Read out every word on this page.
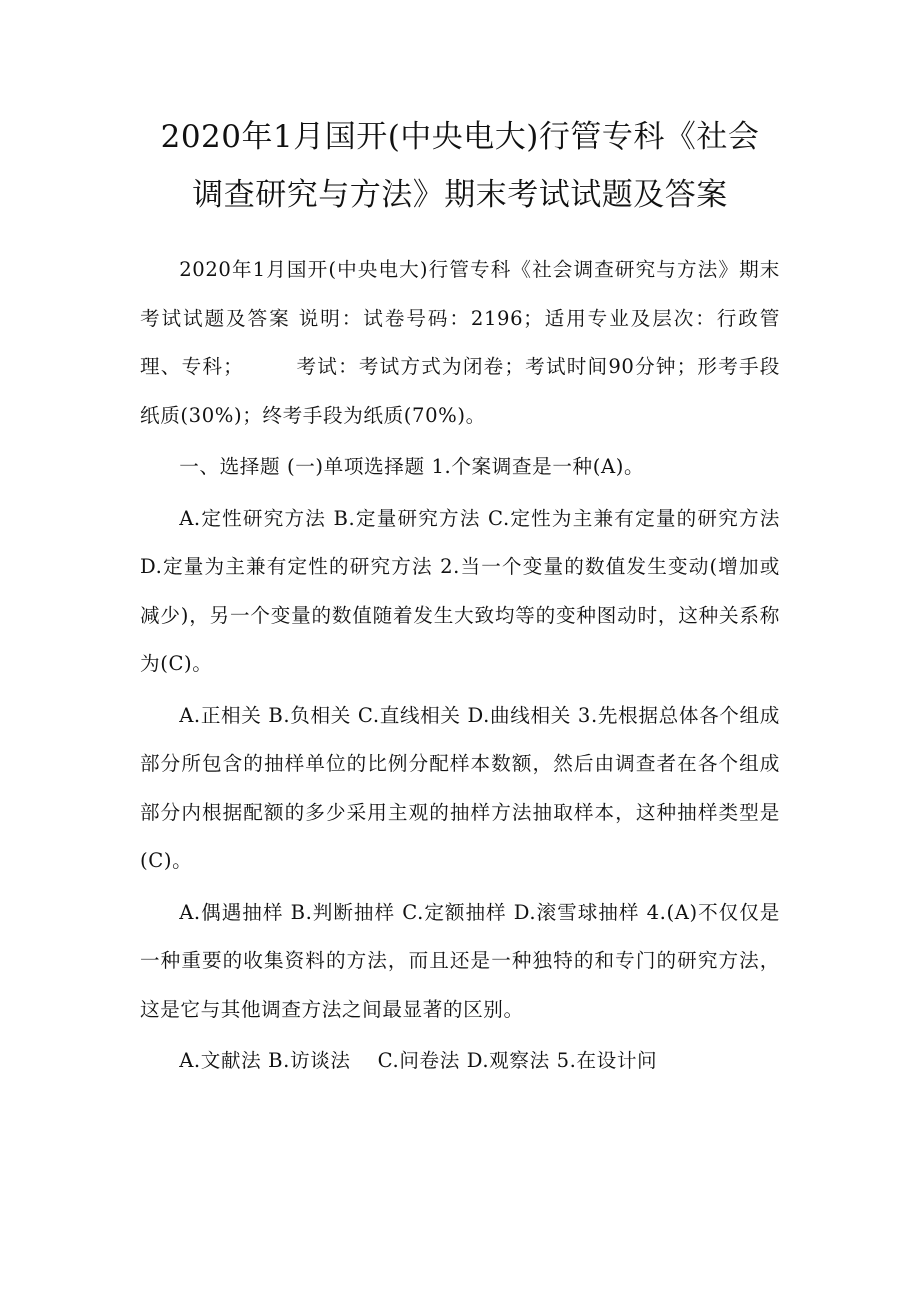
2020年1月国开(中央电大)行管专科《社会
调查研究与方法》期末考试试题及答案

2020年1月国开(中央电大)行管专科《社会调查研究与方法》期末考试试题及答案 说明：试卷号码：2196；适用专业及层次：行政管理、专科；　　　考试：考试方式为闭卷；考试时间90分钟；形考手段纸质(30%)；终考手段为纸质(70%)。

一、选择题 (一)单项选择题 1.个案调查是一种(A)。

A.定性研究方法 B.定量研究方法 C.定性为主兼有定量的研究方法 D.定量为主兼有定性的研究方法 2.当一个变量的数值发生变动(增加或减少)，另一个变量的数值随着发生大致均等的变种图动时，这种关系称为(C)。

A.正相关 B.负相关 C.直线相关 D.曲线相关 3.先根据总体各个组成部分所包含的抽样单位的比例分配样本数额，然后由调查者在各个组成部分内根据配额的多少采用主观的抽样方法抽取样本，这种抽样类型是(C)。

A.偶遇抽样 B.判断抽样 C.定额抽样 D.滚雪球抽样 4.(A)不仅仅是一种重要的收集资料的方法，而且还是一种独特的和专门的研究方法，这是它与其他调查方法之间最显著的区别。

A.文献法 B.访谈法　 C.问卷法 D.观察法 5.在设计问
